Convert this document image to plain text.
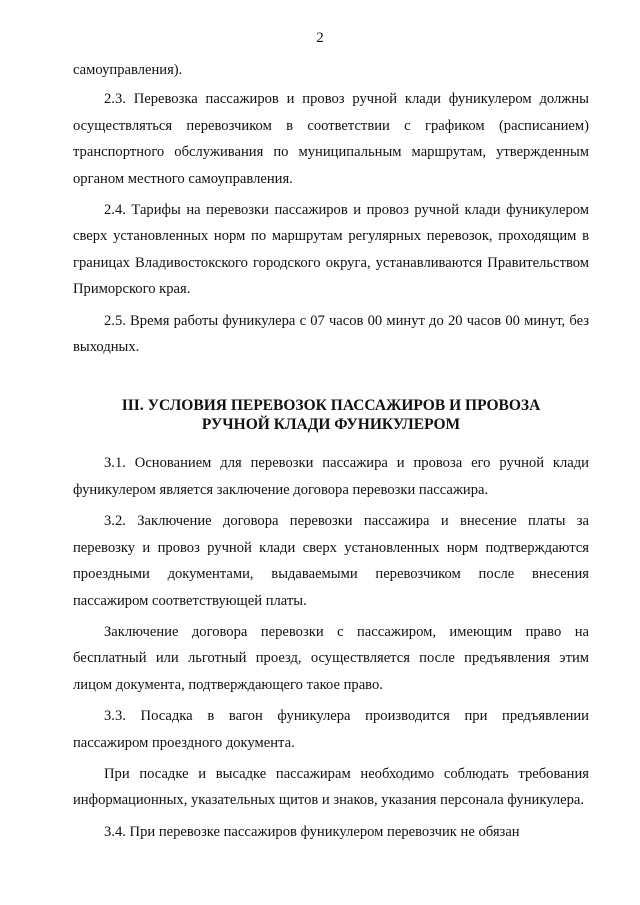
2

самоуправления).

2.3. Перевозка пассажиров и провоз ручной клади фуникулером должны осуществляться перевозчиком в соответствии с графиком (расписанием) транспортного обслуживания по муниципальным маршрутам, утвержденным органом местного самоуправления.

2.4. Тарифы на перевозки пассажиров и провоз ручной клади фуникулером сверх установленных норм по маршрутам регулярных перевозок, проходящим в границах Владивостокского городского округа, устанавливаются Правительством Приморского края.

2.5. Время работы фуникулера с 07 часов 00 минут до 20 часов 00 минут, без выходных.

III. УСЛОВИЯ ПЕРЕВОЗОК ПАССАЖИРОВ И ПРОВОЗА
РУЧНОЙ КЛАДИ ФУНИКУЛЕРОМ

3.1. Основанием для перевозки пассажира и провоза его ручной клади фуникулером является заключение договора перевозки пассажира.

3.2. Заключение договора перевозки пассажира и внесение платы за перевозку и провоз ручной клади сверх установленных норм подтверждаются проездными документами, выдаваемыми перевозчиком после внесения пассажиром соответствующей платы.

Заключение договора перевозки с пассажиром, имеющим право на бесплатный или льготный проезд, осуществляется после предъявления этим лицом документа, подтверждающего такое право.

3.3. Посадка в вагон фуникулера производится при предъявлении пассажиром проездного документа.

При посадке и высадке пассажирам необходимо соблюдать требования информационных, указательных щитов и знаков, указания персонала фуникулера.

3.4. При перевозке пассажиров фуникулером перевозчик не обязан
